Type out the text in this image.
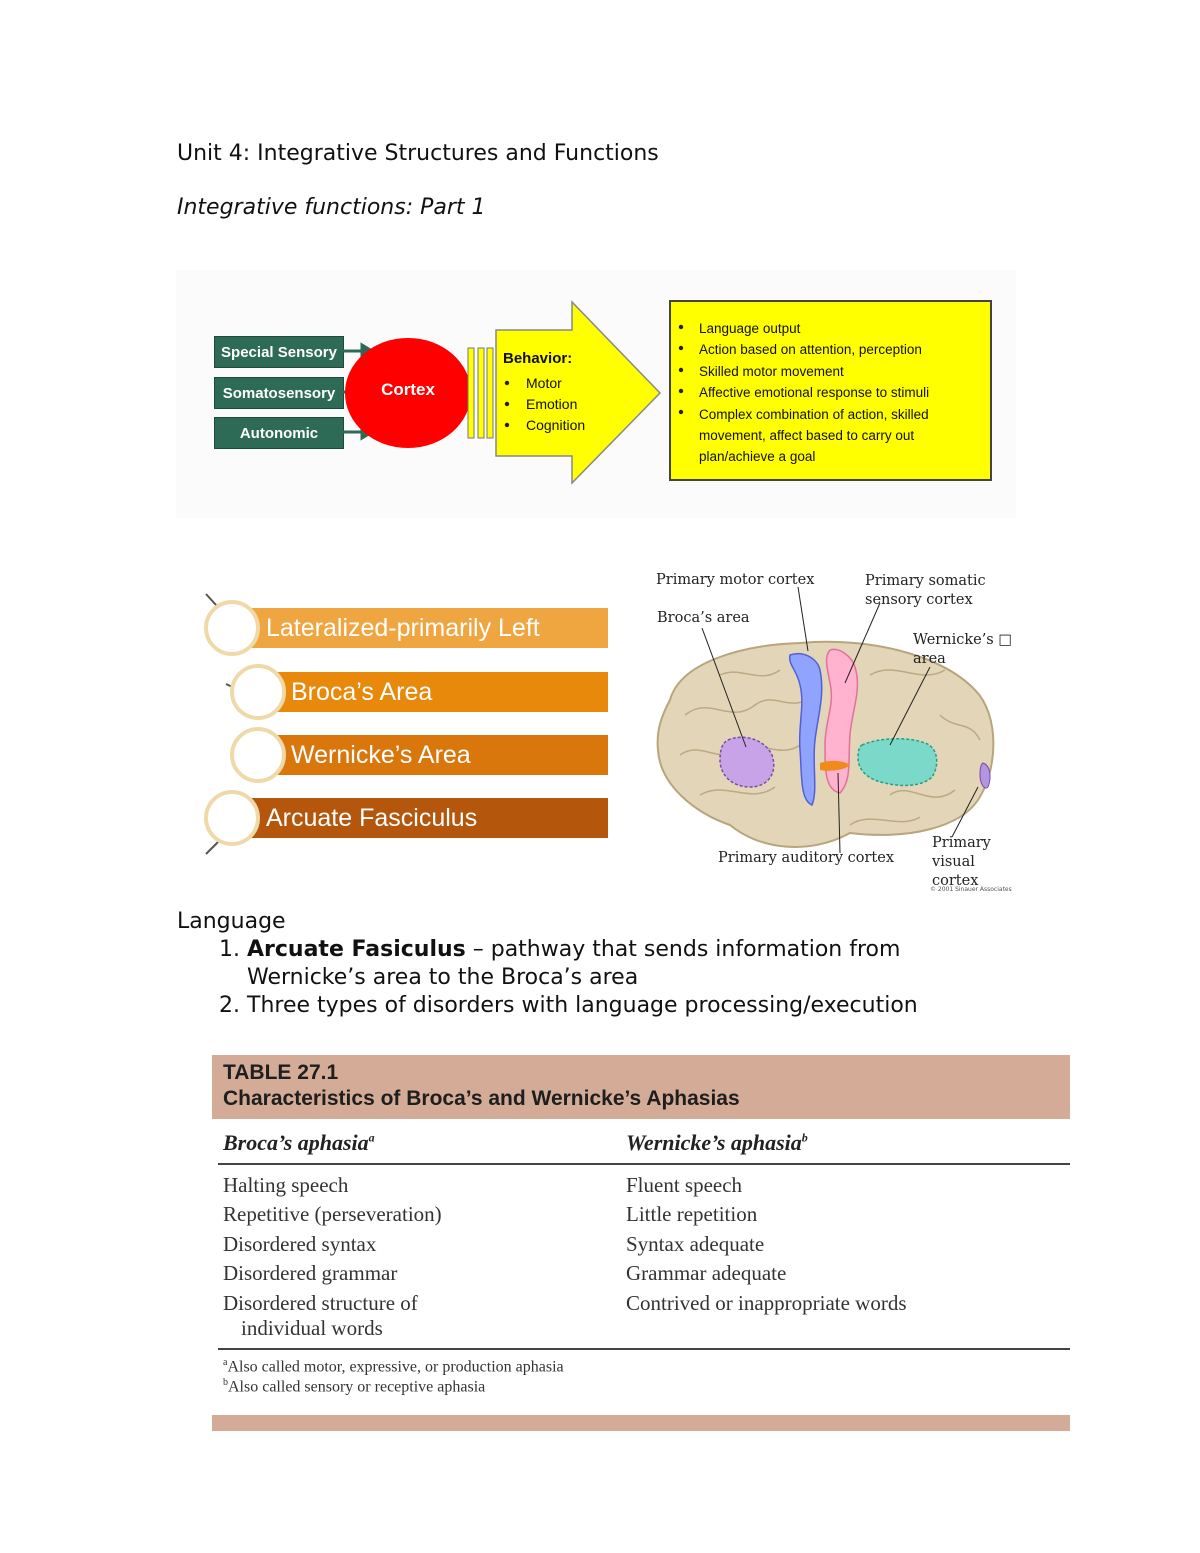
Unit 4: Integrative Structures and Functions
Integrative functions: Part 1
Special Sensory
Somatosensory
Autonomic
Cortex
Behavior:
Motor
Emotion
Cognition
Language output
Action based on attention, perception
Skilled motor movement
Affective emotional response to stimuli
Complex combination of action, skilled movement, affect based to carry out plan/achieve a goal
Lateralized-primarily Left
Broca’s Area
Wernicke’s Area
Arcuate Fasciculus
Primary motor cortex	Primary somatic
sensory cortex
Broca’s area
Wernicke’s □
area
Primary auditory cortex
Primary
visual
cortex
© 2001 Sinauer Associates
Language
1. Arcuate Fasiculus – pathway that sends information from Wernicke’s area to the Broca’s area
2. Three types of disorders with language processing/execution
TABLE 27.1
Characteristics of Broca’s and Wernicke’s Aphasias
Broca’s aphasia$^a$	Wernicke’s aphasia$^b$
Halting speech
Repetitive (perseveration)
Disordered syntax
Disordered grammar
Disordered structure of
individual words
Fluent speech
Little repetition
Syntax adequate
Grammar adequate
Contrived or inappropriate words
$^a$Also called motor, expressive, or production aphasia
$^b$Also called sensory or receptive aphasia
